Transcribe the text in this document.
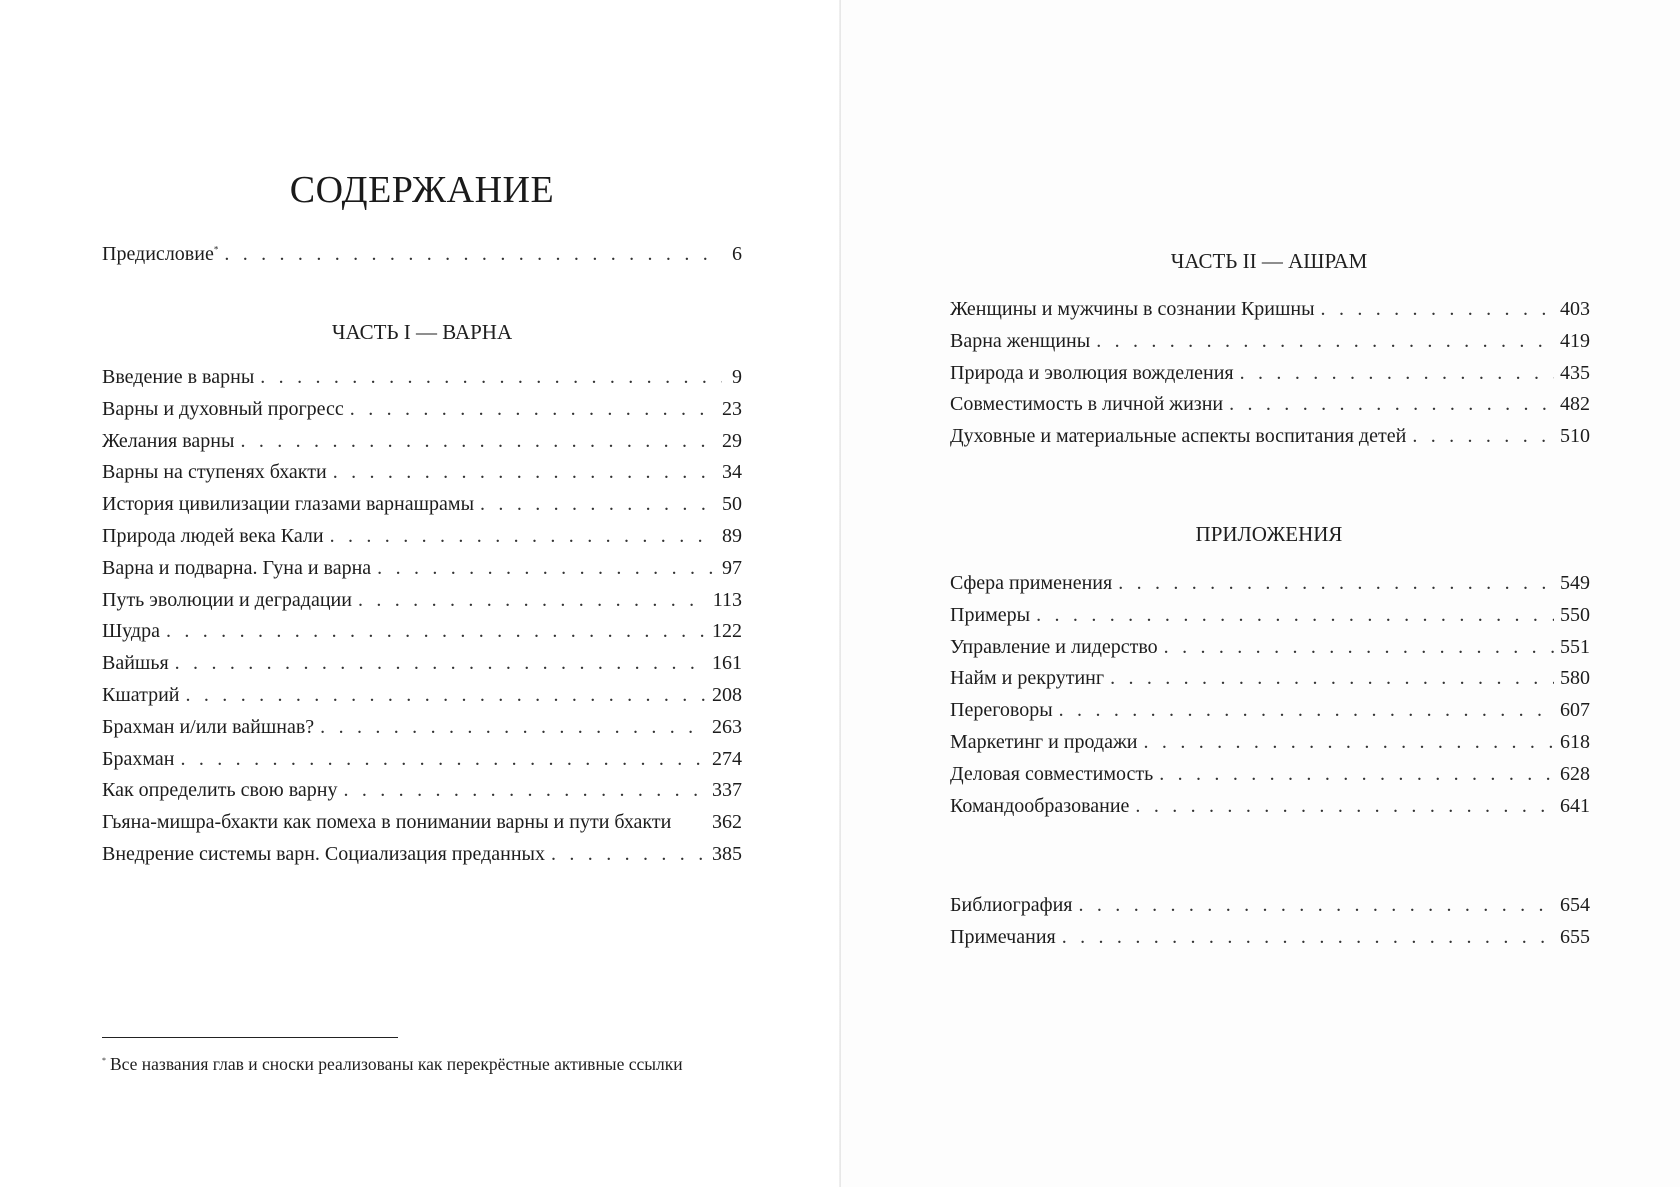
СОДЕРЖАНИЕ
Предисловие* . . .	6
ЧАСТЬ I — ВАРНА
Введение в варны . . .	9
Варны и духовный прогресс . . .	23
Желания варны . . .	29
Варны на ступенях бхакти . . .	34
История цивилизации глазами варнашрамы . . .	50
Природа людей века Кали . . .	89
Варна и подварна. Гуна и варна . . .	97
Путь эволюции и деградации . . .	113
Шудра . . .	122
Вайшья . . .	161
Кшатрий . . .	208
Брахман и/или вайшнав? . . .	263
Брахман . . .	274
Как определить свою варну . . .	337
Гьяна-мишра-бхакти как помеха в понимании варны и пути бхакти	362
Внедрение системы варн. Социализация преданных . . .	385
* Все названия глав и сноски реализованы как перекрёстные активные ссылки
ЧАСТЬ II — АШРАМ
Женщины и мужчины в сознании Кришны . . .	403
Варна женщины . . .	419
Природа и эволюция вожделения . . .	435
Совместимость в личной жизни . . .	482
Духовные и материальные аспекты воспитания детей . . .	510
ПРИЛОЖЕНИЯ
Сфера применения . . .	549
Примеры . . .	550
Управление и лидерство . . .	551
Найм и рекрутинг . . .	580
Переговоры . . .	607
Маркетинг и продажи . . .	618
Деловая совместимость . . .	628
Командообразование . . .	641
Библиография . . .	654
Примечания . . .	655
